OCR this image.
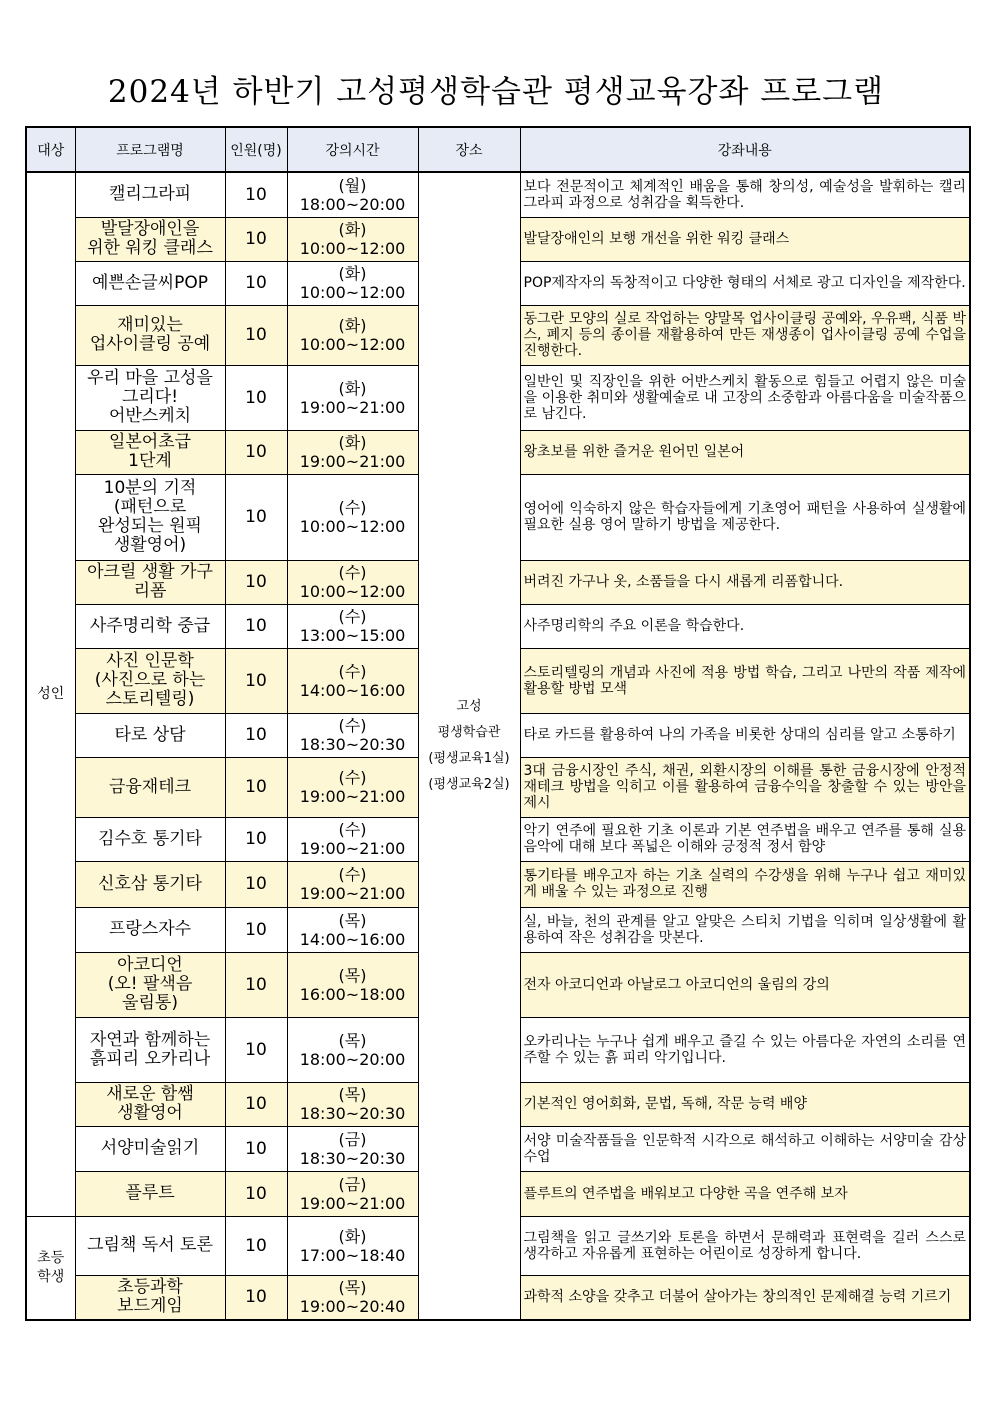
2024년 하반기 고성평생학습관 평생교육강좌 프로그램
대상	프로그램명	인원(명)	강의시간	장소	강좌내용

성인	캘리그라피	10	(월)
18:00~20:00	고성
평생학습관
(평생교육1실)
(평생교육2실)	보다 전문적이고 체계적인 배움을 통해 창의성, 예술성을 발휘하는 캘리그라피 과정으로 성취감을 획득한다.

	발달장애인을
위한 워킹 클래스	10	(화)
10:00~12:00		발달장애인의 보행 개선을 위한 워킹 클래스

	예쁜손글씨POP	10	(화)
10:00~12:00		POP제작자의 독창적이고 다양한 형태의 서체로 광고 디자인을 제작한다.

	재미있는
업사이클링 공예	10	(화)
10:00~12:00		동그란 모양의 실로 작업하는 양말목 업사이클링 공예와, 우유팩, 식품 박스, 폐지 등의 종이를 재활용하여 만든 재생종이 업사이클링 공예 수업을 진행한다.

	우리 마을 고성을
그리다!
어반스케치	10	(화)
19:00~21:00		일반인 및 직장인을 위한 어반스케치 활동으로 힘들고 어렵지 않은 미술을 이용한 취미와 생활예술로 내 고장의 소중함과 아름다움을 미술작품으로 남긴다.

	일본어초급
1단계	10	(화)
19:00~21:00		왕초보를 위한 즐거운 원어민 일본어

	10분의 기적
(패턴으로
완성되는 원픽
생활영어)	10	(수)
10:00~12:00		영어에 익숙하지 않은 학습자들에게 기초영어 패턴을 사용하여 실생활에 필요한 실용 영어 말하기 방법을 제공한다.

	아크릴 생활 가구
리폼	10	(수)
10:00~12:00		버려진 가구나 옷, 소품들을 다시 새롭게 리폼합니다.

	사주명리학 중급	10	(수)
13:00~15:00		사주명리학의 주요 이론을 학습한다.

	사진 인문학
(사진으로 하는
스토리텔링)	10	(수)
14:00~16:00		스토리텔링의 개념과 사진에 적용 방법 학습, 그리고 나만의 작품 제작에 활용할 방법 모색

	타로 상담	10	(수)
18:30~20:30		타로 카드를 활용하여 나의 가족을 비롯한 상대의 심리를 알고 소통하기

	금융재테크	10	(수)
19:00~21:00		3대 금융시장인 주식, 채권, 외환시장의 이해를 통한 금융시장에 안정적 재테크 방법을 익히고 이를 활용하여 금융수익을 창출할 수 있는 방안을 제시

	김수호 통기타	10	(수)
19:00~21:00		악기 연주에 필요한 기초 이론과 기본 연주법을 배우고 연주를 통해 실용음악에 대해 보다 폭넓은 이해와 긍정적 정서 함양

	신호삼 통기타	10	(수)
19:00~21:00		통기타를 배우고자 하는 기초 실력의 수강생을 위해 누구나 쉽고 재미있게 배울 수 있는 과정으로 진행

	프랑스자수	10	(목)
14:00~16:00		실, 바늘, 천의 관계를 알고 알맞은 스티치 기법을 익히며 일상생활에 활용하여 작은 성취감을 맛본다.

	아코디언
(오! 팔색음
울림통)	10	(목)
16:00~18:00		전자 아코디언과 아날로그 아코디언의 울림의 강의

	자연과 함께하는
흙피리 오카리나	10	(목)
18:00~20:00		오카리나는 누구나 쉽게 배우고 즐길 수 있는 아름다운 자연의 소리를 연주할 수 있는 흙 피리 악기입니다.

	새로운 함쌤
생활영어	10	(목)
18:30~20:30		기본적인 영어회화, 문법, 독해, 작문 능력 배양

	서양미술읽기	10	(금)
18:30~20:30		서양 미술작품들을 인문학적 시각으로 해석하고 이해하는 서양미술 감상 수업

	플루트	10	(금)
19:00~21:00		플루트의 연주법을 배워보고 다양한 곡을 연주해 보자

초등
학생	그림책 독서 토론	10	(화)
17:00~18:40		그림책을 읽고 글쓰기와 토론을 하면서 문해력과 표현력을 길러 스스로 생각하고 자유롭게 표현하는 어린이로 성장하게 합니다.

	초등과학
보드게임	10	(목)
19:00~20:40		과학적 소양을 갖추고 더불어 살아가는 창의적인 문제해결 능력 기르기
